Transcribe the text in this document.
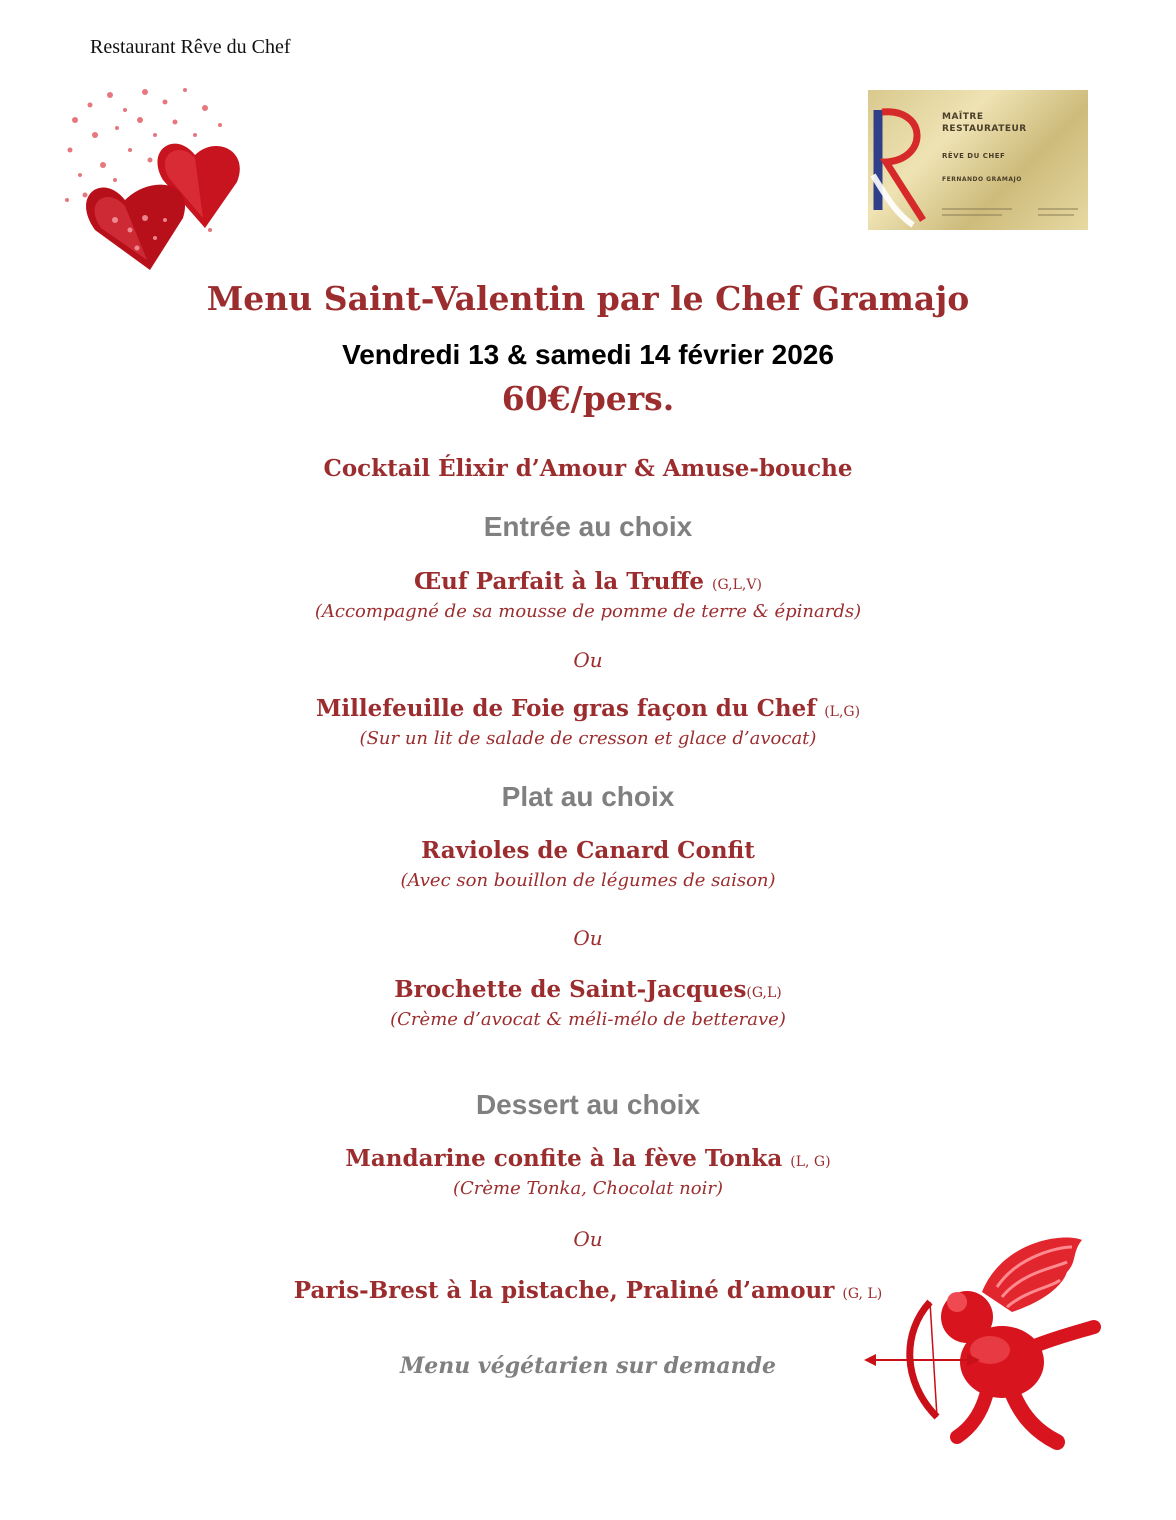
Restaurant Rêve du Chef
MAÎTRE
RESTAURATEUR
RÊVE DU CHEF
FERNANDO GRAMAJO
Menu Saint-Valentin par le Chef Gramajo
Vendredi 13 & samedi 14 février 2026
60€/pers.
Cocktail Élixir d’Amour & Amuse-bouche
Entrée au choix
Œuf Parfait à la Truffe (G,L,V)
(Accompagné de sa mousse de pomme de terre & épinards)
Ou
Millefeuille de Foie gras façon du Chef (L,G)
(Sur un lit de salade de cresson et glace d’avocat)
Plat au choix
Ravioles de Canard Confit
(Avec son bouillon de légumes de saison)
Ou
Brochette de Saint-Jacques(G,L)
(Crème d’avocat & méli-mélo de betterave)
Dessert au choix
Mandarine confite à la fève Tonka (L, G)
(Crème Tonka, Chocolat noir)
Ou
Paris-Brest à la pistache, Praliné d’amour (G, L)
Menu végétarien sur demande
